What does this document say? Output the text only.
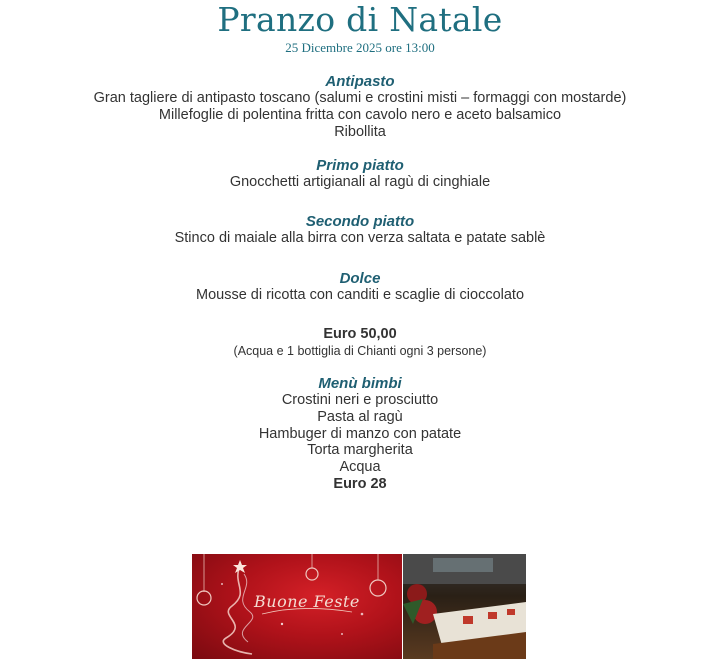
Pranzo di Natale
25 Dicembre 2025 ore 13:00
Antipasto
Gran tagliere di antipasto toscano (salumi e crostini misti – formaggi con mostarde)
Millefoglie di polentina fritta con cavolo nero e aceto balsamico
Ribollita
Primo piatto
Gnocchetti artigianali al ragù di cinghiale
Secondo piatto
Stinco di maiale alla birra con verza saltata e patate sablè
Dolce
Mousse di ricotta con canditi e scaglie di cioccolato
Euro 50,00
(Acqua e 1 bottiglia di Chianti ogni 3 persone)
Menù bimbi
Crostini neri e prosciutto
Pasta al ragù
Hambuger di manzo con patate
Torta margherita
Acqua
Euro 28
Buone Feste
